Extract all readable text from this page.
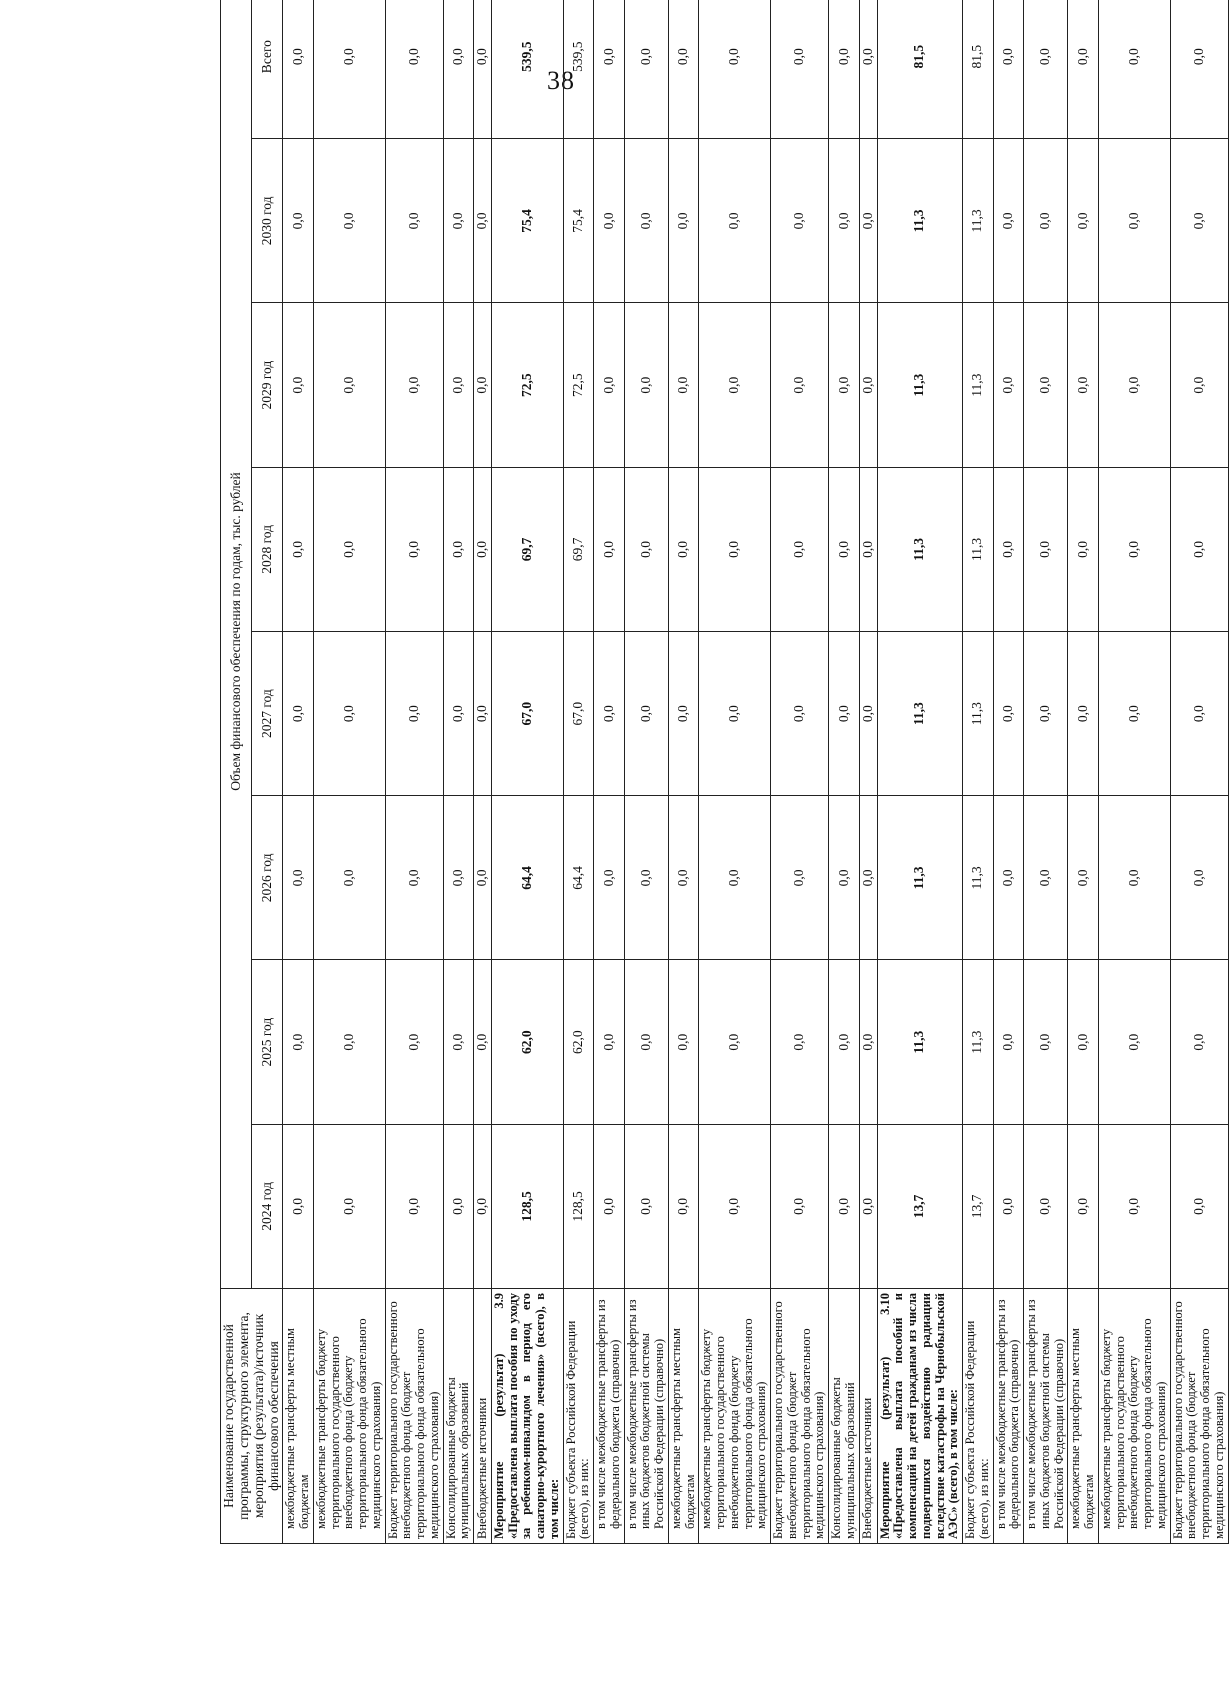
38
Наименование государственной программы, структурного элемента, мероприятия (результата)/источник финансового обеспечения	Объем финансового обеспечения по годам, тыс. рублей							
	2024 год	2025 год	2026 год	2027 год	2028 год	2029 год	2030 год	Всего
межбюджетные трансферты местным бюджетам	0,0	0,0	0,0	0,0	0,0	0,0	0,0	0,0
межбюджетные трансферты бюджету территориального государственного внебюджетного фонда (бюджету территориального фонда обязательного медицинского страхования)	0,0	0,0	0,0	0,0	0,0	0,0	0,0	0,0
Бюджет территориального государственного внебюджетного фонда (бюджет территориального фонда обязательного медицинского страхования)	0,0	0,0	0,0	0,0	0,0	0,0	0,0	0,0
Консолидированные бюджеты муниципальных образований	0,0	0,0	0,0	0,0	0,0	0,0	0,0	0,0
Внебюджетные источники	0,0	0,0	0,0	0,0	0,0	0,0	0,0	0,0
Мероприятие (результат) 3.9 «Предоставлена выплата пособия по уходу за ребенком-инвалидом в период его санаторно-курортного лечения» (всего), в том числе:	128,5	62,0	64,4	67,0	69,7	72,5	75,4	539,5
Бюджет субъекта Российской Федерации (всего), из них:	128,5	62,0	64,4	67,0	69,7	72,5	75,4	539,5
в том числе межбюджетные трансферты из федерального бюджета (справочно)	0,0	0,0	0,0	0,0	0,0	0,0	0,0	0,0
в том числе межбюджетные трансферты из иных бюджетов бюджетной системы Российской Федерации (справочно)	0,0	0,0	0,0	0,0	0,0	0,0	0,0	0,0
межбюджетные трансферты местным бюджетам	0,0	0,0	0,0	0,0	0,0	0,0	0,0	0,0
межбюджетные трансферты бюджету территориального государственного внебюджетного фонда (бюджету территориального фонда обязательного медицинского страхования)	0,0	0,0	0,0	0,0	0,0	0,0	0,0	0,0
Бюджет территориального государственного внебюджетного фонда (бюджет территориального фонда обязательного медицинского страхования)	0,0	0,0	0,0	0,0	0,0	0,0	0,0	0,0
Консолидированные бюджеты муниципальных образований	0,0	0,0	0,0	0,0	0,0	0,0	0,0	0,0
Внебюджетные источники	0,0	0,0	0,0	0,0	0,0	0,0	0,0	0,0
Мероприятие (результат) 3.10 «Предоставлена выплата пособий и компенсаций на детей гражданам из числа подвергшихся воздействию радиации вследствие катастрофы на Чернобыльской АЭС» (всего), в том числе:	13,7	11,3	11,3	11,3	11,3	11,3	11,3	81,5
Бюджет субъекта Российской Федерации (всего), из них:	13,7	11,3	11,3	11,3	11,3	11,3	11,3	81,5
в том числе межбюджетные трансферты из федерального бюджета (справочно)	0,0	0,0	0,0	0,0	0,0	0,0	0,0	0,0
в том числе межбюджетные трансферты из иных бюджетов бюджетной системы Российской Федерации (справочно)	0,0	0,0	0,0	0,0	0,0	0,0	0,0	0,0
межбюджетные трансферты местным бюджетам	0,0	0,0	0,0	0,0	0,0	0,0	0,0	0,0
межбюджетные трансферты бюджету территориального государственного внебюджетного фонда (бюджету территориального фонда обязательного медицинского страхования)	0,0	0,0	0,0	0,0	0,0	0,0	0,0	0,0
Бюджет территориального государственного внебюджетного фонда (бюджет территориального фонда обязательного медицинского страхования)	0,0	0,0	0,0	0,0	0,0	0,0	0,0	0,0
